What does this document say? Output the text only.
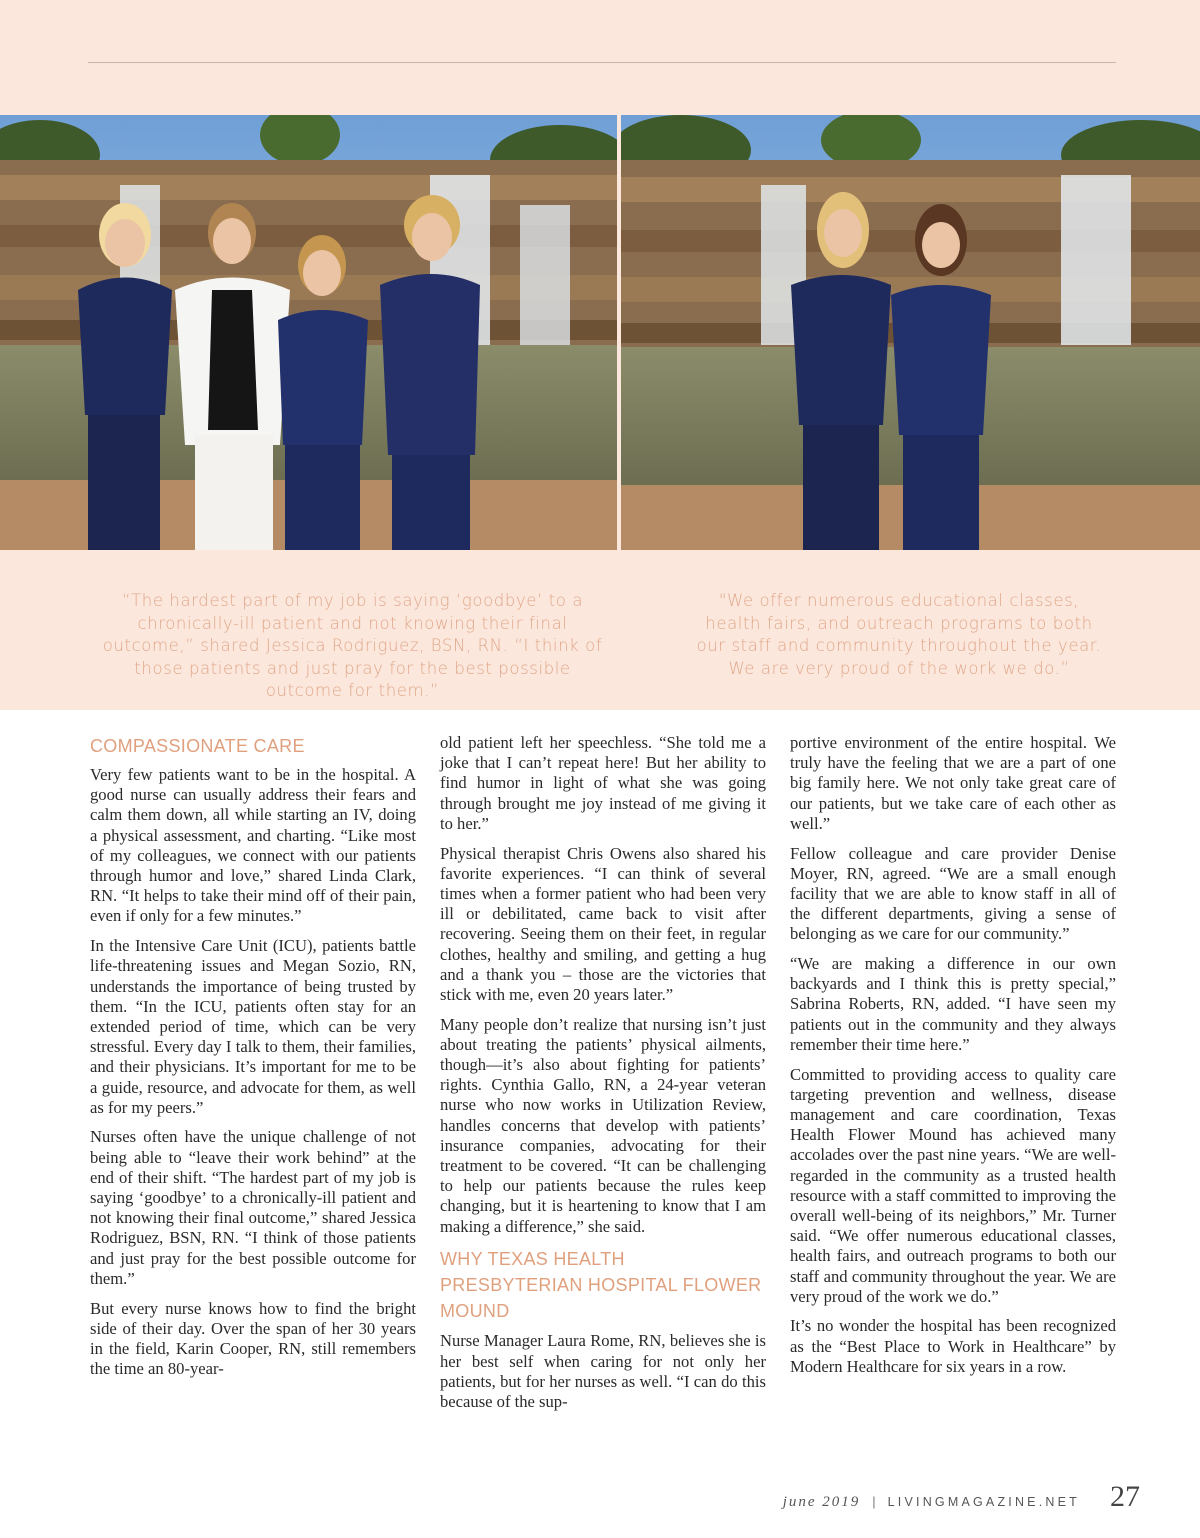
“The hardest part of my job is saying ‘goodbye’ to a chronically-ill patient and not knowing their final outcome,” shared Jessica Rodriguez, BSN, RN. “I think of those patients and just pray for the best possible outcome for them.”
"We offer numerous educational classes, health fairs, and outreach programs to both our staff and community throughout the year. We are very proud of the work we do.”
COMPASSIONATE CARE

Very few patients want to be in the hospital. A good nurse can usually address their fears and calm them down, all while starting an IV, doing a physical assessment, and charting. “Like most of my colleagues, we connect with our patients through humor and love,” shared Linda Clark, RN. “It helps to take their mind off of their pain, even if only for a few minutes.”

In the Intensive Care Unit (ICU), patients battle life-threatening issues and Megan Sozio, RN, understands the importance of being trusted by them. “In the ICU, patients often stay for an extended period of time, which can be very stressful. Every day I talk to them, their families, and their physicians. It’s important for me to be a guide, resource, and advocate for them, as well as for my peers.”

Nurses often have the unique challenge of not being able to “leave their work behind” at the end of their shift. “The hardest part of my job is saying ‘goodbye’ to a chronically-ill patient and not knowing their final outcome,” shared Jessica Rodriguez, BSN, RN. “I think of those patients and just pray for the best possible outcome for them.”

But every nurse knows how to find the bright side of their day. Over the span of her 30 years in the field, Karin Cooper, RN, still remembers the time an 80-year-

old patient left her speechless. “She told me a joke that I can’t repeat here! But her ability to find humor in light of what she was going through brought me joy instead of me giving it to her.”

Physical therapist Chris Owens also shared his favorite experiences. “I can think of several times when a former patient who had been very ill or debilitated, came back to visit after recovering. Seeing them on their feet, in regular clothes, healthy and smiling, and getting a hug and a thank you – those are the victories that stick with me, even 20 years later.”

Many people don’t realize that nursing isn’t just about treating the patients’ physical ailments, though—it’s also about fighting for patients’ rights. Cynthia Gallo, RN, a 24-year veteran nurse who now works in Utilization Review, handles concerns that develop with patients’ insurance companies, advocating for their treatment to be covered. “It can be challenging to help our patients because the rules keep changing, but it is heartening to know that I am making a difference,” she said.

WHY TEXAS HEALTH PRESBYTERIAN HOSPITAL FLOWER MOUND

Nurse Manager Laura Rome, RN, believes she is her best self when caring for not only her patients, but for her nurses as well. “I can do this because of the sup-

portive environment of the entire hospital. We truly have the feeling that we are a part of one big family here. We not only take great care of our patients, but we take care of each other as well.”

Fellow colleague and care provider Denise Moyer, RN, agreed. “We are a small enough facility that we are able to know staff in all of the different departments, giving a sense of belonging as we care for our community.”

“We are making a difference in our own backyards and I think this is pretty special,” Sabrina Roberts, RN, added. “I have seen my patients out in the community and they always remember their time here.”

Committed to providing access to quality care targeting prevention and wellness, disease management and care coordination, Texas Health Flower Mound has achieved many accolades over the past nine years. “We are well-regarded in the community as a trusted health resource with a staff committed to improving the overall well-being of its neighbors,” Mr. Turner said. “We offer numerous educational classes, health fairs, and outreach programs to both our staff and community throughout the year. We are very proud of the work we do.”

It’s no wonder the hospital has been recognized as the “Best Place to Work in Healthcare” by Modern Healthcare for six years in a row.

june 2019 | LIVINGMAGAZINE.NET 27
